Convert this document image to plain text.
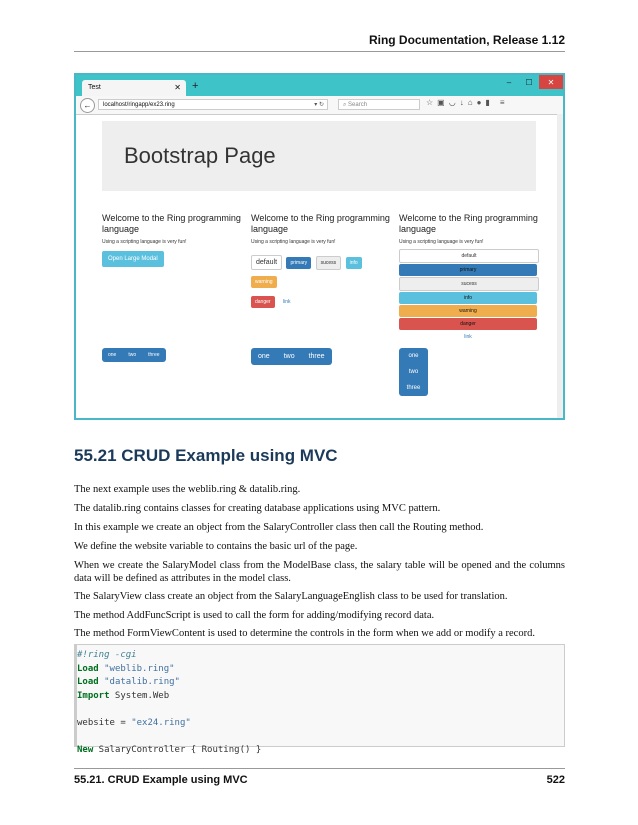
Ring Documentation, Release 1.12
Test	✕ +	–	☐	✕
←	localhost/ringapp/ex23.ring	▾ ↻	⌕ Search	☆ ▣ ◡ ↓ ⌂ ● ▮ ≡
Bootstrap Page
Welcome to the Ring programming language

Using a scripting language is very fun!

Open Large Modal
Welcome to the Ring programming language

Using a scripting language is very fun!

default	primary	sucess	info warning
danger link
Welcome to the Ring programming language

Using a scripting language is very fun!

default
primary
sucess
info
warning
danger
link
one	two	three	one	two	three	one
two
three
55.21 CRUD Example using MVC

The next example uses the weblib.ring & datalib.ring.

The datalib.ring contains classes for creating database applications using MVC pattern.

In this example we create an object from the SalaryController class then call the Routing method.

We define the website variable to contains the basic url of the page.

When we create the SalaryModel class from the ModelBase class, the salary table will be opened and the columns data will be defined as attributes in the model class.

The SalaryView class create an object from the SalaryLanguageEnglish class to be used for translation.

The method AddFuncScript is used to call the form for adding/modifying record data.

The method FormViewContent is used to determine the controls in the form when we add or modify a record.

#!ring -cgi
Load "weblib.ring"
Load "datalib.ring"
Import System.Web

website = "ex24.ring"

New SalaryController { Routing() }
55.21. CRUD Example using MVC	522
